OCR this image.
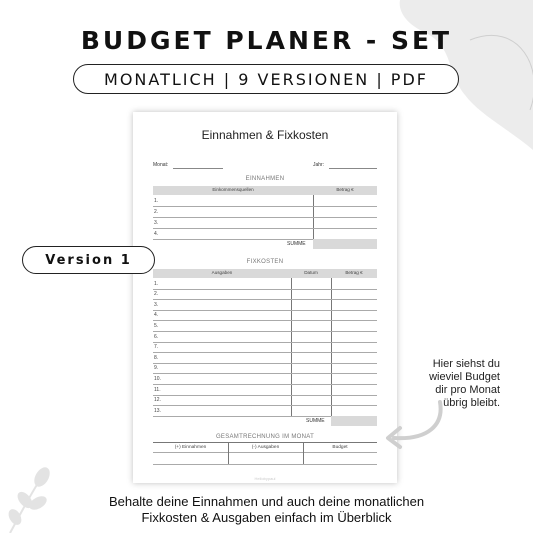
BUDGET PLANER - SET
MONATLICH | 9 VERSIONEN | PDF
Einnahmen & Fixkosten
Monat:	Jahr:
EINNAHMEN
Einkommensquellen	Betrag €
1.
2.
3.
4.
SUMME
FIXKOSTEN
Ausgaben	Datum	Betrag €
1.
2.
3.
4.
5.
6.
7.
8.
9.
10.
11.
12.
13.
SUMME
GESAMTRECHNUNG IM MONAT
(+) Einnahmen	(-) Ausgaben	Budget
Hellobypaul
Version 1
Hier siehst du
wieviel Budget
dir pro Monat
übrig bleibt.
Behalte deine Einnahmen und auch deine monatlichen
Fixkosten & Ausgaben einfach im Überblick
